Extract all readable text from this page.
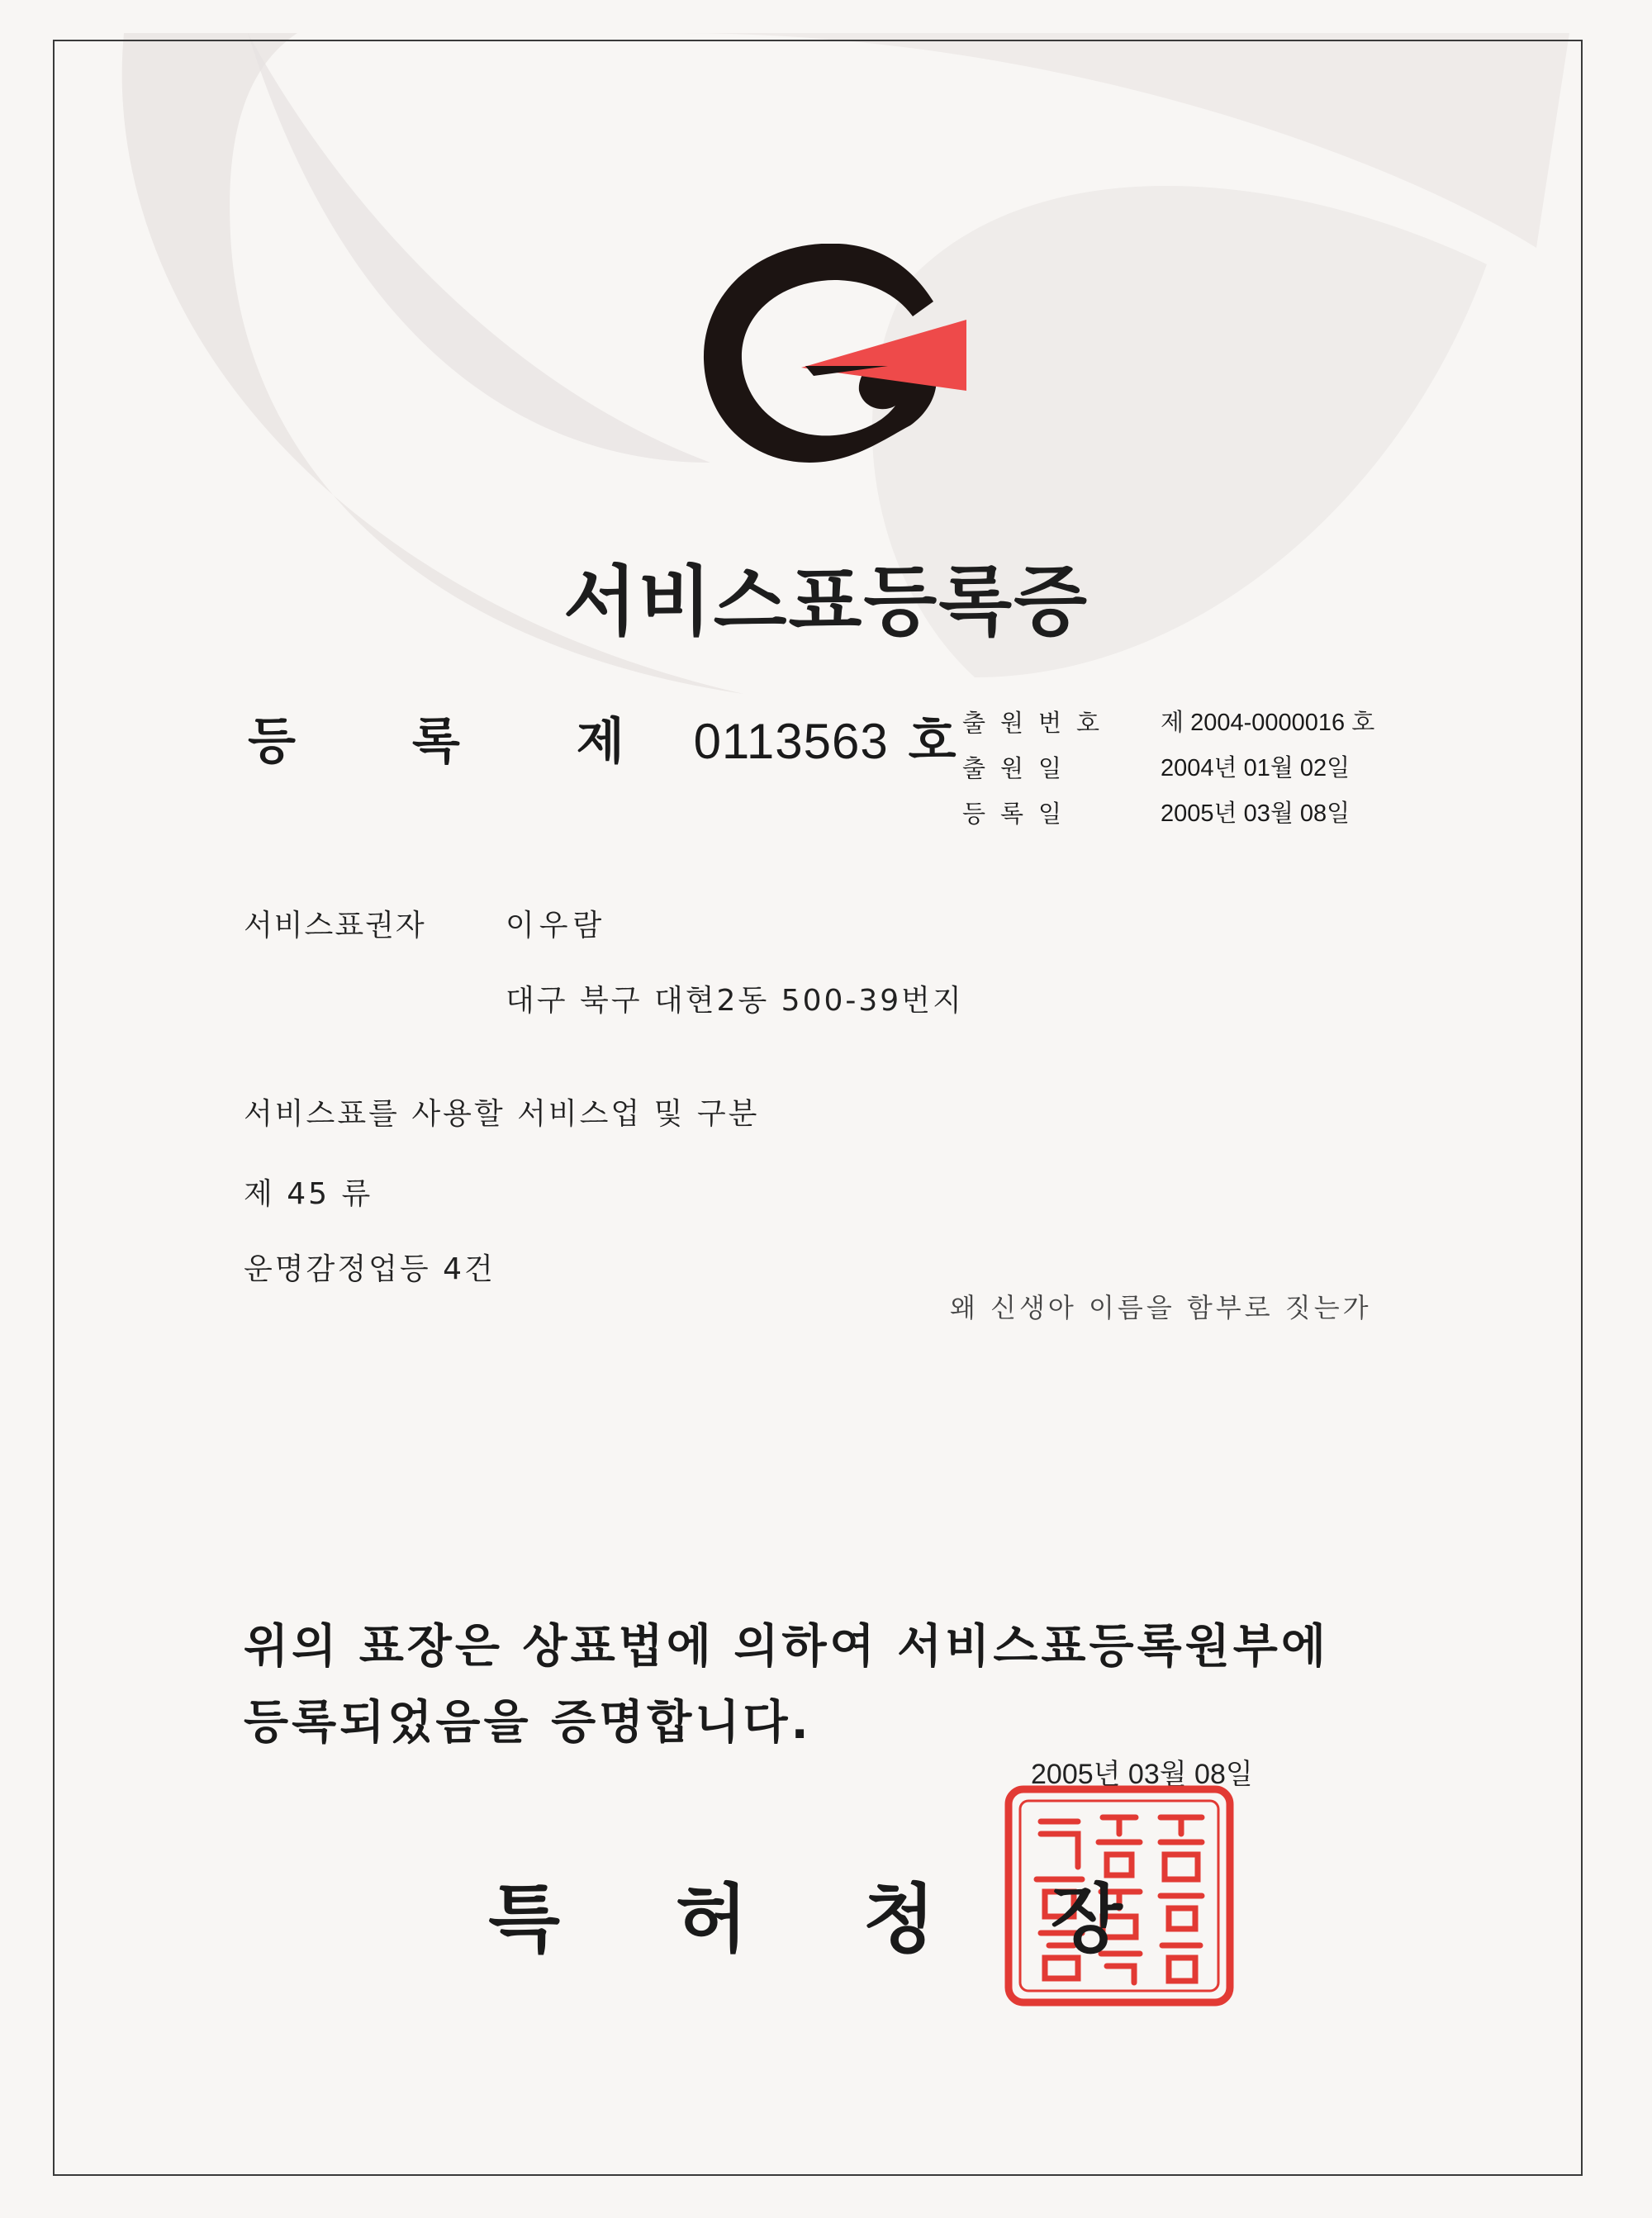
서비스표등록증
등 록 제 0113563 호 출원번호	제 2004-0000016 호
출원일	2004년 01월 02일
등록일	2005년 03월 08일
서비스표권자	이우람
대구 북구 대현2동 500-39번지
서비스표를 사용할 서비스업 및 구분
제 45 류
운명감정업등 4건
왜 신생아 이름을 함부로 짓는가
위의 표장은 상표법에 의하여 서비스표등록원부에
등록되었음을 증명합니다.
2005년 03월 08일
특허청장
